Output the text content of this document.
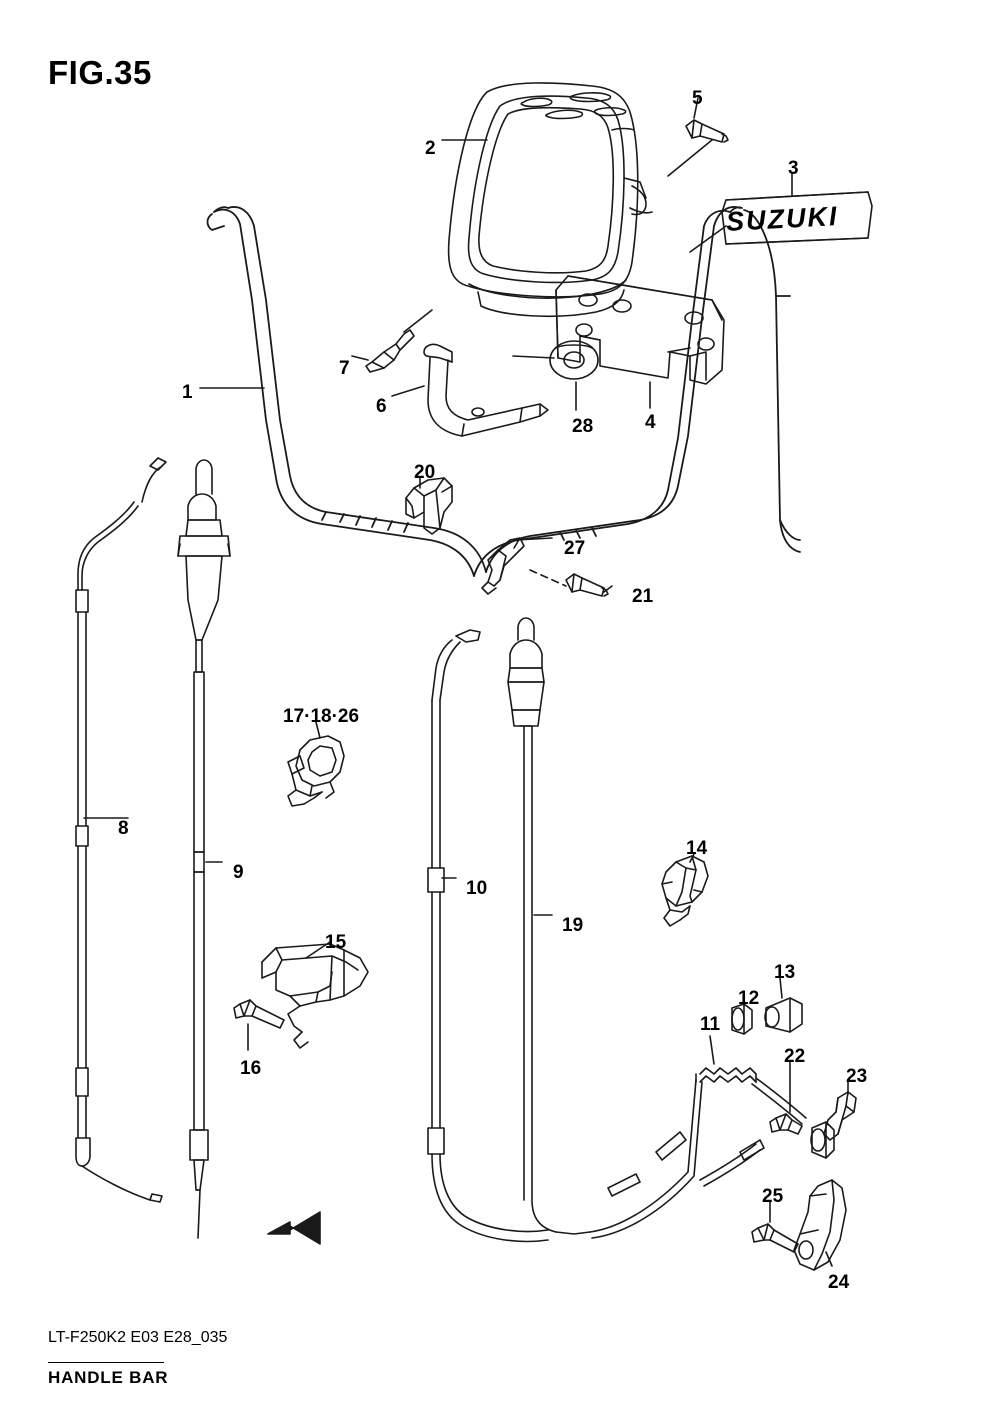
FIG.35
SUZUKI
FWD
1
2
3
4
5
6
7
8
9
10
11
12
13
14
15
16
17·18·26
19
20
21
22
23
24
25
27
28
LT-F250K2 E03 E28_035
HANDLE BAR
